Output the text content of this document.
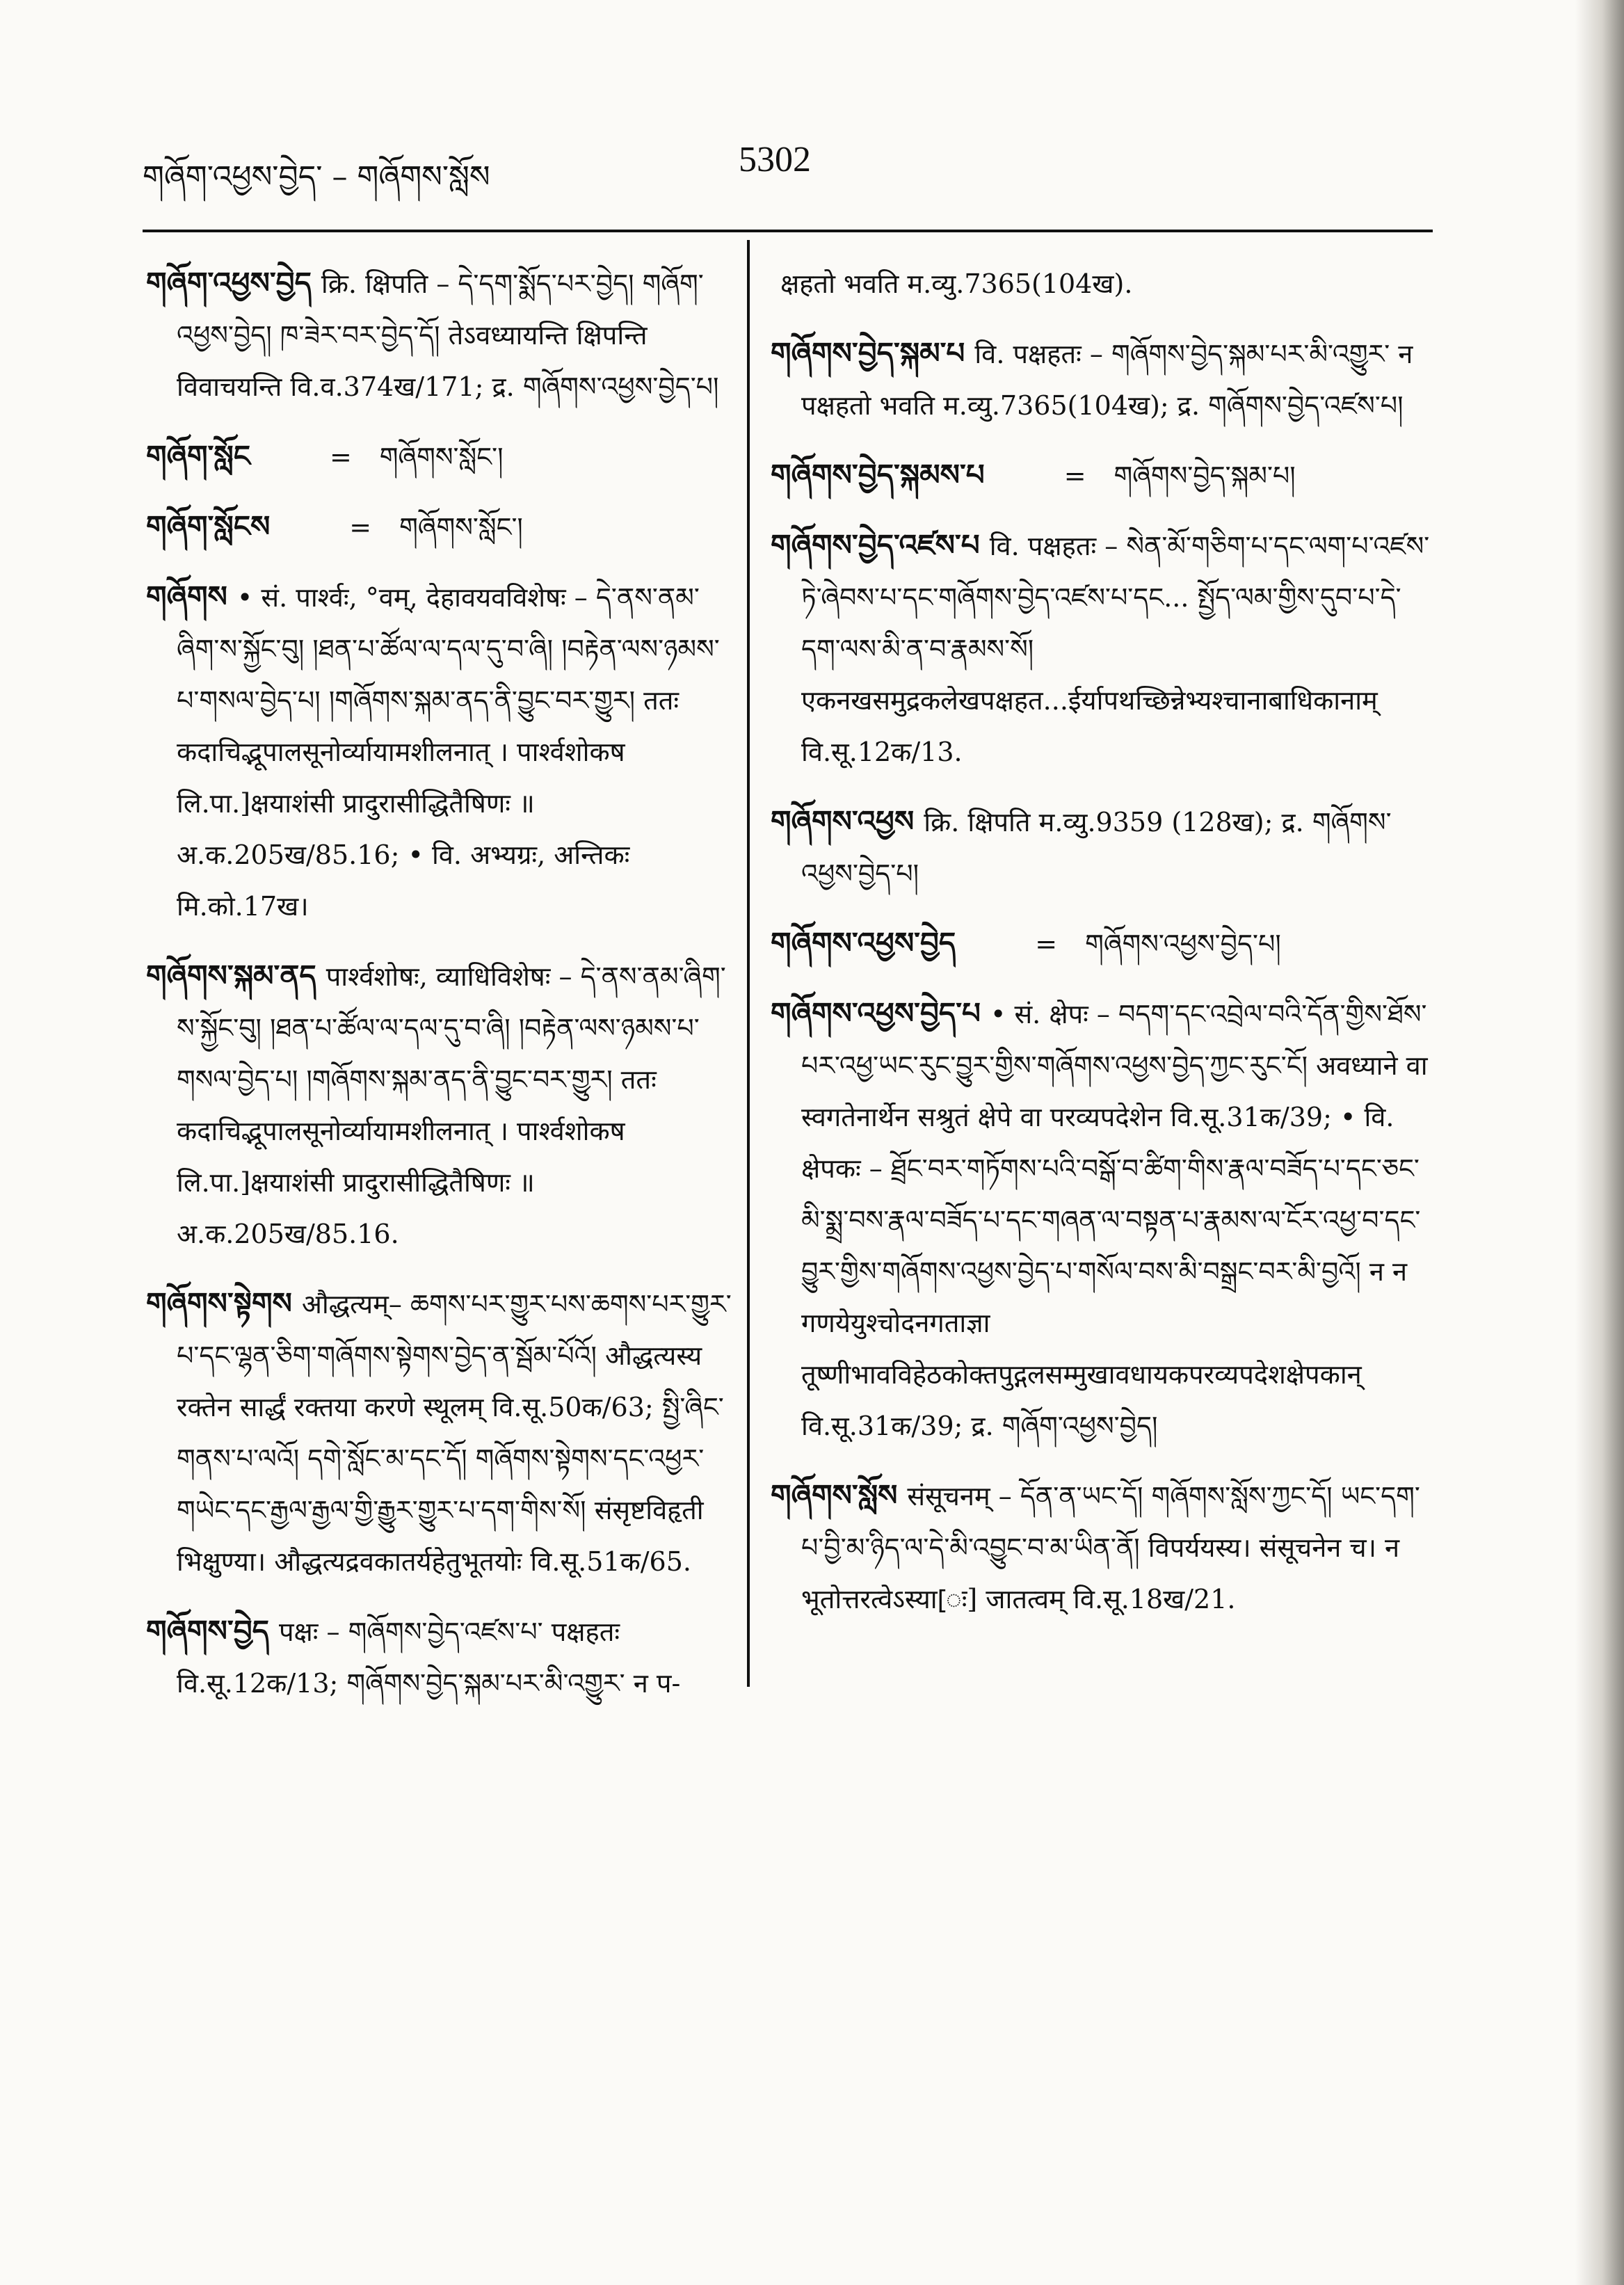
གཞོག་འཕྱས་བྱེད་ – གཞོགས་སློས	5302
གཞོག་འཕྱས་བྱེད क्रि. क्षिपति – དེ་དག་སྨོད་པར་བྱེད། གཞོག་འཕྱས་བྱེད། ཁ་ཟེར་བར་བྱེད་དོ། तेऽवध्यायन्ति क्षिपन्ति विवाचयन्ति वि.व.374ख/171; द्र. གཞོགས་འཕྱས་བྱེད་པ།
གཞོག་སློང	= གཞོགས་སློང་།
གཞོག་སློངས	= གཞོགས་སློང་།
གཞོགས • सं. पार्श्वः, °वम्, देहावयवविशेषः – དེ་ནས་ནམ་ཞིག་ས་སྐྱོང་བུ། །ཐན་པ་ཚོལ་ལ་དལ་དུ་བ་ཞི། །བརྟེན་ལས་ཉམས་པ་གསལ་བྱེད་པ། །གཞོགས་སྐམ་ནད་ནི་བྱུང་བར་གྱུར། ततः कदाचिद्भूपालसूनोर्व्यायामशीलनात् । पार्श्वशोकष लि.पा.]क्षयाशंसी प्रादुरासीद्धितैषिणः ॥ अ.क.205ख/85.16; • वि. अभ्यग्रः, अन्तिकः मि.को.17ख।
གཞོགས་སྐམ་ནད पार्श्वशोषः, व्याधिविशेषः – དེ་ནས་ནམ་ཞིག་ས་སྐྱོང་བུ། །ཐན་པ་ཚོལ་ལ་དལ་དུ་བ་ཞི། །བརྟེན་ལས་ཉམས་པ་གསལ་བྱེད་པ། །གཞོགས་སྐམ་ནད་ནི་བྱུང་བར་གྱུར། ततः कदाचिद्भूपालसूनोर्व्यायामशीलनात् । पार्श्वशोकष लि.पा.]क्षयाशंसी प्रादुरासीद्धितैषिणः ॥ अ.क.205ख/85.16.
གཞོགས་སྟེགས औद्धत्यम्– ཆགས་པར་གྱུར་པས་ཆགས་པར་གྱུར་པ་དང་ལྷན་ཅིག་གཞོགས་སྟེགས་བྱེད་ན་སྦོམ་པོའོ། औद्धत्यस्य रक्तेन सार्द्धं रक्तया करणे स्थूलम् वि.सू.50क/63; སྤྱི་ཞིང་གནས་པ་ལའོ། དགེ་སློང་མ་དང་དོ། གཞོགས་སྟེགས་དང་འཕྱར་གཡེང་དང་རྒྱལ་རྒྱལ་གྱི་རྒྱུར་གྱུར་པ་དག་གིས་སོ། संसृष्टविहृती भिक्षुण्या। औद्धत्यद्रवकातर्यहेतुभूतयोः वि.सू.51क/65.
གཞོགས་བྱེད पक्षः – གཞོགས་བྱེད་འཛས་པ་ पक्षहतः वि.सू.12क/13; གཞོགས་བྱེད་སྐམ་པར་མི་འགྱུར་ न प-
क्षहतो भवति म.व्यु.7365(104ख).
གཞོགས་བྱེད་སྐམ་པ वि. पक्षहतः – གཞོགས་བྱེད་སྐམ་པར་མི་འགྱུར་ न पक्षहतो भवति म.व्यु.7365(104ख); द्र. གཞོགས་བྱེད་འཛས་པ།
གཞོགས་བྱེད་སྐམས་པ	= གཞོགས་བྱེད་སྐམ་པ།
གཞོགས་བྱེད་འཛས་པ वि. पक्षहतः – སེན་མོ་གཅིག་པ་དང་ལག་པ་འཛས་ཏེ་ཞེབས་པ་དང་གཞོགས་བྱེད་འཛས་པ་དང... སྤྱོད་ལམ་གྱིས་དུབ་པ་དེ་དག་ལས་མི་ན་བ་རྣམས་སོ། एकनखसमुद्रकलेखपक्षहत...ईर्यापथच्छिन्नेभ्यश्चानाबाधिकानाम् वि.सू.12क/13.
གཞོགས་འཕྱས क्रि. क्षिपति म.व्यु.9359 (128ख); द्र. གཞོགས་འཕྱས་བྱེད་པ།
གཞོགས་འཕྱས་བྱེད	= གཞོགས་འཕྱས་བྱེད་པ།
གཞོགས་འཕྱས་བྱེད་པ • सं. क्षेपः – བདག་དང་འབྲེལ་བའི་དོན་གྱིས་ཐོས་པར་འཕྱ་ཡང་རུང་བྱུར་གྱིས་གཞོགས་འཕྱས་བྱེད་ཀྱང་རུང་ངོ། अवध्याने वा स्वगतेनार्थेन सश्रुतं क्षेपे वा परव्यपदेशेन वि.सू.31क/39; • वि. क्षेपकः – ཐྲོང་བར་གཏོགས་པའི་བསྒོ་བ་ཚིག་གིས་རྣལ་བཟོད་པ་དང་ཅང་མི་སྨྲ་བས་རྣལ་བཟོད་པ་དང་གཞན་ལ་བསྟན་པ་རྣམས་ལ་ངོར་འཕྱ་བ་དང་བྱུར་གྱིས་གཞོགས་འཕྱས་བྱེད་པ་གསོལ་བས་མི་བསྒྲང་བར་མི་བྱའོ། न न गणयेयुश्चोदनगताज्ञा तूष्णीभावविहेठकोक्तपुद्गलसम्मुखावधायकपरव्यपदेशक्षेपकान् वि.सू.31क/39; द्र. གཞོག་འཕྱས་བྱེད།
གཞོགས་སློས संसूचनम् – དོན་ན་ཡང་དོ། གཞོགས་སློས་ཀྱང་དོ། ཡང་དག་པ་བྱི་མ་ཉིད་ལ་དེ་མི་འབྱུང་བ་མ་ཡིན་ནོ། विपर्ययस्य। संसूचनेन च। न भूतोत्तरत्वेऽस्या[ः] जातत्वम् वि.सू.18ख/21.
